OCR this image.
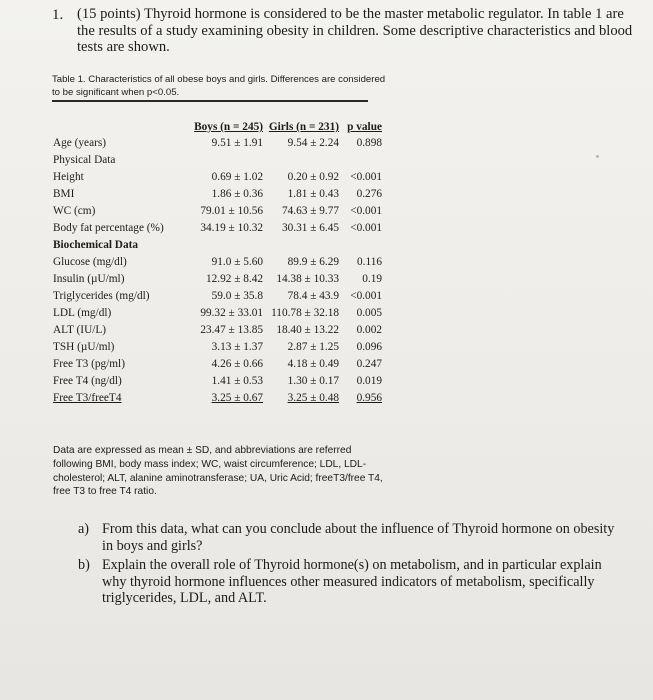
1. (15 points) Thyroid hormone is considered to be the master metabolic regulator. In table 1 are the results of a study examining obesity in children. Some descriptive characteristics and blood tests are shown.
Table 1. Characteristics of all obese boys and girls. Differences are considered to be significant when p<0.05.
	Boys (n = 245)	Girls (n = 231)	p value
Age (years)	9.51 ± 1.91	9.54 ± 2.24	0.898
Physical Data			
Height	0.69 ± 1.02	0.20 ± 0.92	<0.001
BMI	1.86 ± 0.36	1.81 ± 0.43	0.276
WC (cm)	79.01 ± 10.56	74.63 ± 9.77	<0.001
Body fat percentage (%)	34.19 ± 10.32	30.31 ± 6.45	<0.001
Biochemical Data			
Glucose (mg/dl)	91.0 ± 5.60	89.9 ± 6.29	0.116
Insulin (µU/ml)	12.92 ± 8.42	14.38 ± 10.33	0.19
Triglycerides (mg/dl)	59.0 ± 35.8	78.4 ± 43.9	<0.001
LDL (mg/dl)	99.32 ± 33.01	110.78 ± 32.18	0.005
ALT (IU/L)	23.47 ± 13.85	18.40 ± 13.22	0.002
TSH (µU/ml)	3.13 ± 1.37	2.87 ± 1.25	0.096
Free T3 (pg/ml)	4.26 ± 0.66	4.18 ± 0.49	0.247
Free T4 (ng/dl)	1.41 ± 0.53	1.30 ± 0.17	0.019
Free T3/freeT4	3.25 ± 0.67	3.25 ± 0.48	0.956
Data are expressed as mean ± SD, and abbreviations are referred following BMI, body mass index; WC, waist circumference; LDL, LDL-cholesterol; ALT, alanine aminotransferase; UA, Uric Acid; freeT3/free T4, free T3 to free T4 ratio.
a) From this data, what can you conclude about the influence of Thyroid hormone on obesity in boys and girls?
b) Explain the overall role of Thyroid hormone(s) on metabolism, and in particular explain why thyroid hormone influences other measured indicators of metabolism, specifically triglycerides, LDL, and ALT.
